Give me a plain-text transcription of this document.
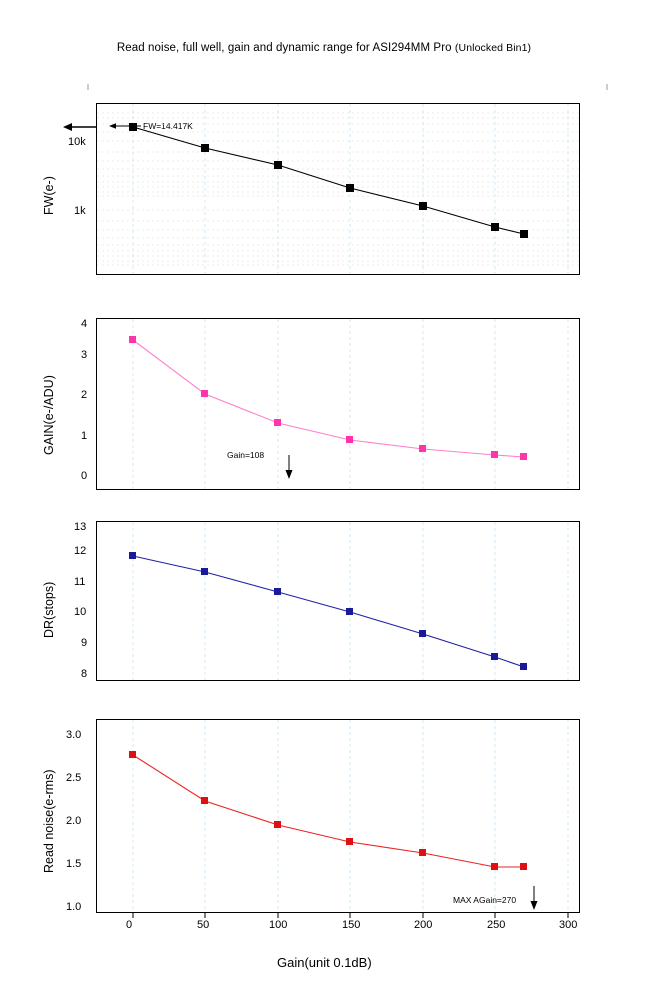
Read noise, full well, gain and dynamic range for ASI294MM Pro (Unlocked Bin1)
FW(e-)
GAIN(e-/ADU)
DR(stops)
Read noise(e-rms)
Gain(unit 0.1dB)
0	50	100	150	200	250	300
10k
1k
0
1
2
3
4
8
9
10
11
12
13
1.0
1.5
2.0
2.5
3.0
FW=14.417K
Gain=108
MAX AGain=270
